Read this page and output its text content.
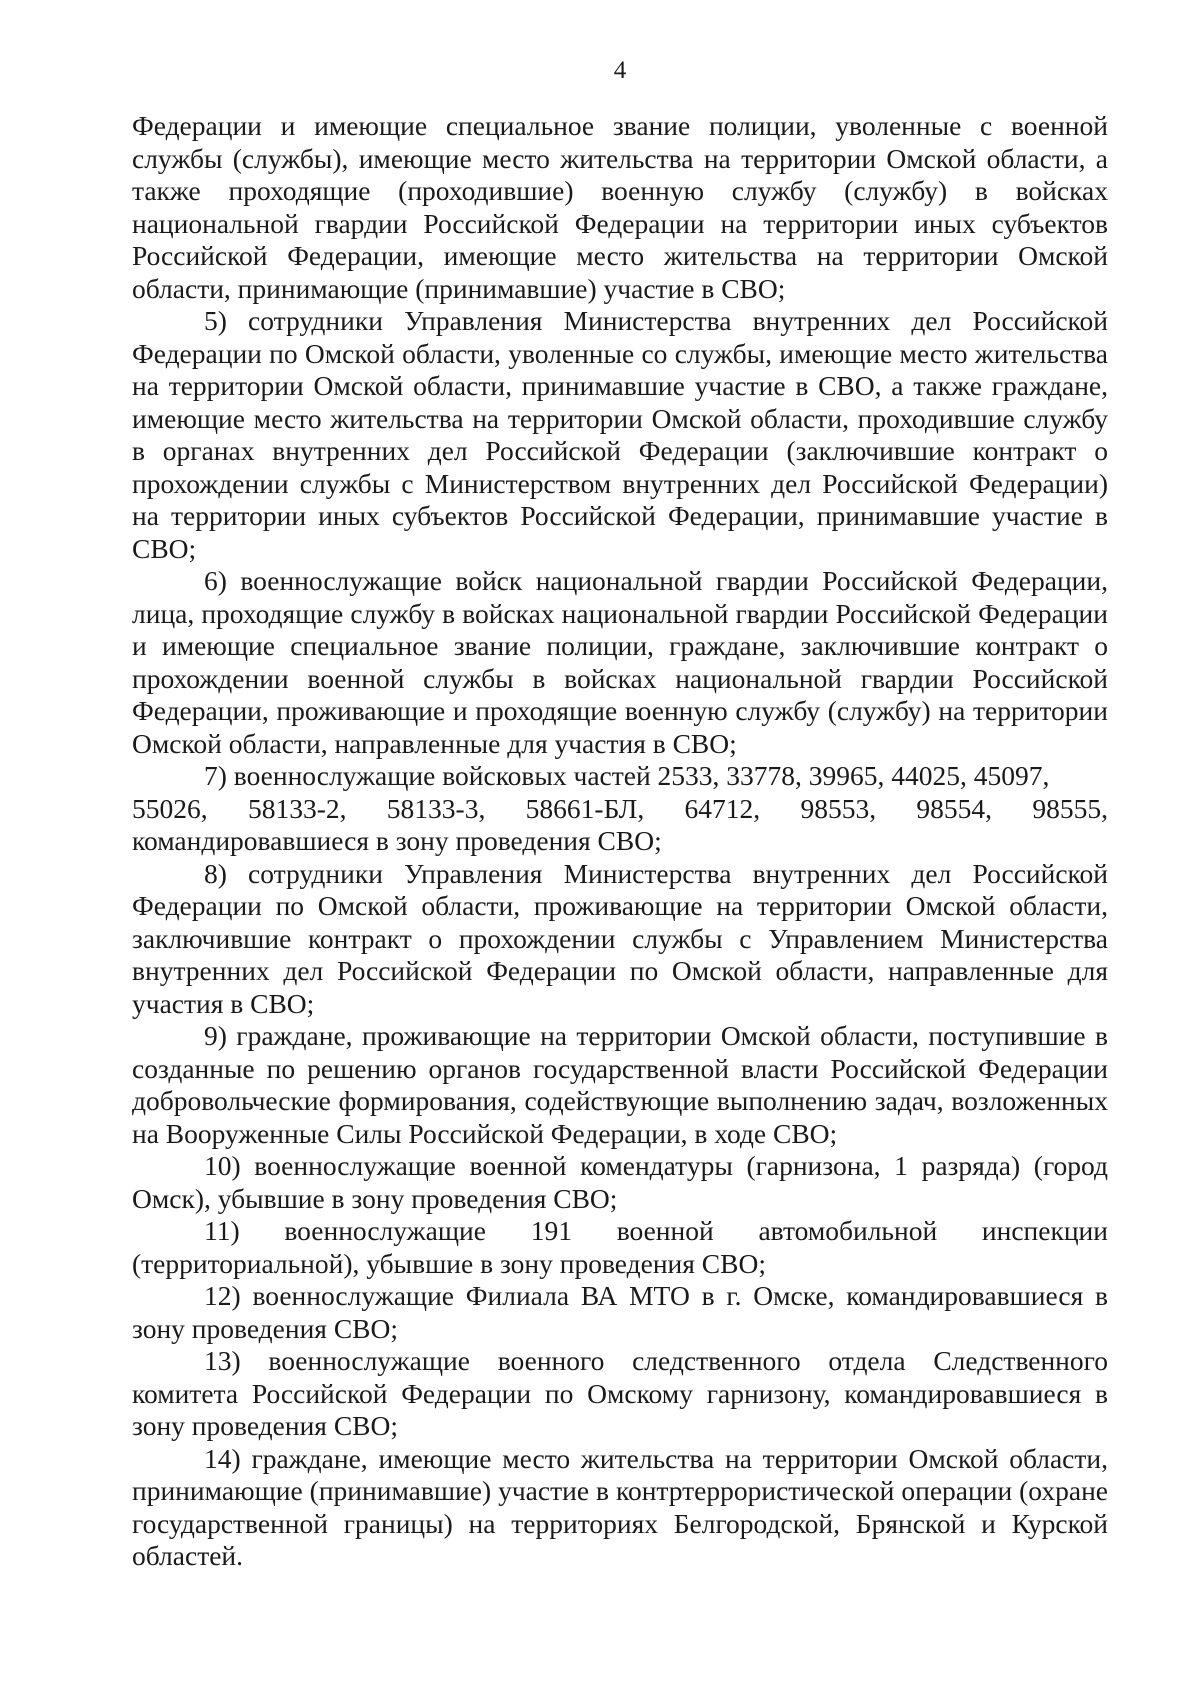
4

Федерации и имеющие специальное звание полиции, уволенные с военной службы (службы), имеющие место жительства на территории Омской области, а также проходящие (проходившие) военную службу (службу) в войсках национальной гвардии Российской Федерации на территории иных субъектов Российской Федерации, имеющие место жительства на территории Омской области, принимающие (принимавшие) участие в СВО;

5) сотрудники Управления Министерства внутренних дел Российской Федерации по Омской области, уволенные со службы, имеющие место жительства на территории Омской области, принимавшие участие в СВО, а также граждане, имеющие место жительства на территории Омской области, проходившие службу в органах внутренних дел Российской Федерации (заключившие контракт о прохождении службы с Министерством внутренних дел Российской Федерации) на территории иных субъектов Российской Федерации, принимавшие участие в СВО;

6) военнослужащие войск национальной гвардии Российской Федерации, лица, проходящие службу в войсках национальной гвардии Российской Федерации и имеющие специальное звание полиции, граждане, заключившие контракт о прохождении военной службы в войсках национальной гвардии Российской Федерации, проживающие и проходящие военную службу (службу) на территории Омской области, направленные для участия в СВО;

7) военнослужащие войсковых частей 2533, 33778, 39965, 44025, 45097,

55026, 58133-2, 58133-3, 58661-БЛ, 64712, 98553, 98554, 98555,

командировавшиеся в зону проведения СВО;

8) сотрудники Управления Министерства внутренних дел Российской Федерации по Омской области, проживающие на территории Омской области, заключившие контракт о прохождении службы с Управлением Министерства внутренних дел Российской Федерации по Омской области, направленные для участия в СВО;

9) граждане, проживающие на территории Омской области, поступившие в созданные по решению органов государственной власти Российской Федерации добровольческие формирования, содействующие выполнению задач, возложенных на Вооруженные Силы Российской Федерации, в ходе СВО;

10) военнослужащие военной комендатуры (гарнизона, 1 разряда) (город Омск), убывшие в зону проведения СВО;

11) военнослужащие 191 военной автомобильной инспекции (территориальной), убывшие в зону проведения СВО;

12) военнослужащие Филиала ВА МТО в г. Омске, командировавшиеся в зону проведения СВО;

13) военнослужащие военного следственного отдела Следственного комитета Российской Федерации по Омскому гарнизону, командировавшиеся в зону проведения СВО;

14) граждане, имеющие место жительства на территории Омской области, принимающие (принимавшие) участие в контртеррористической операции (охране государственной границы) на территориях Белгородской, Брянской и Курской областей.
